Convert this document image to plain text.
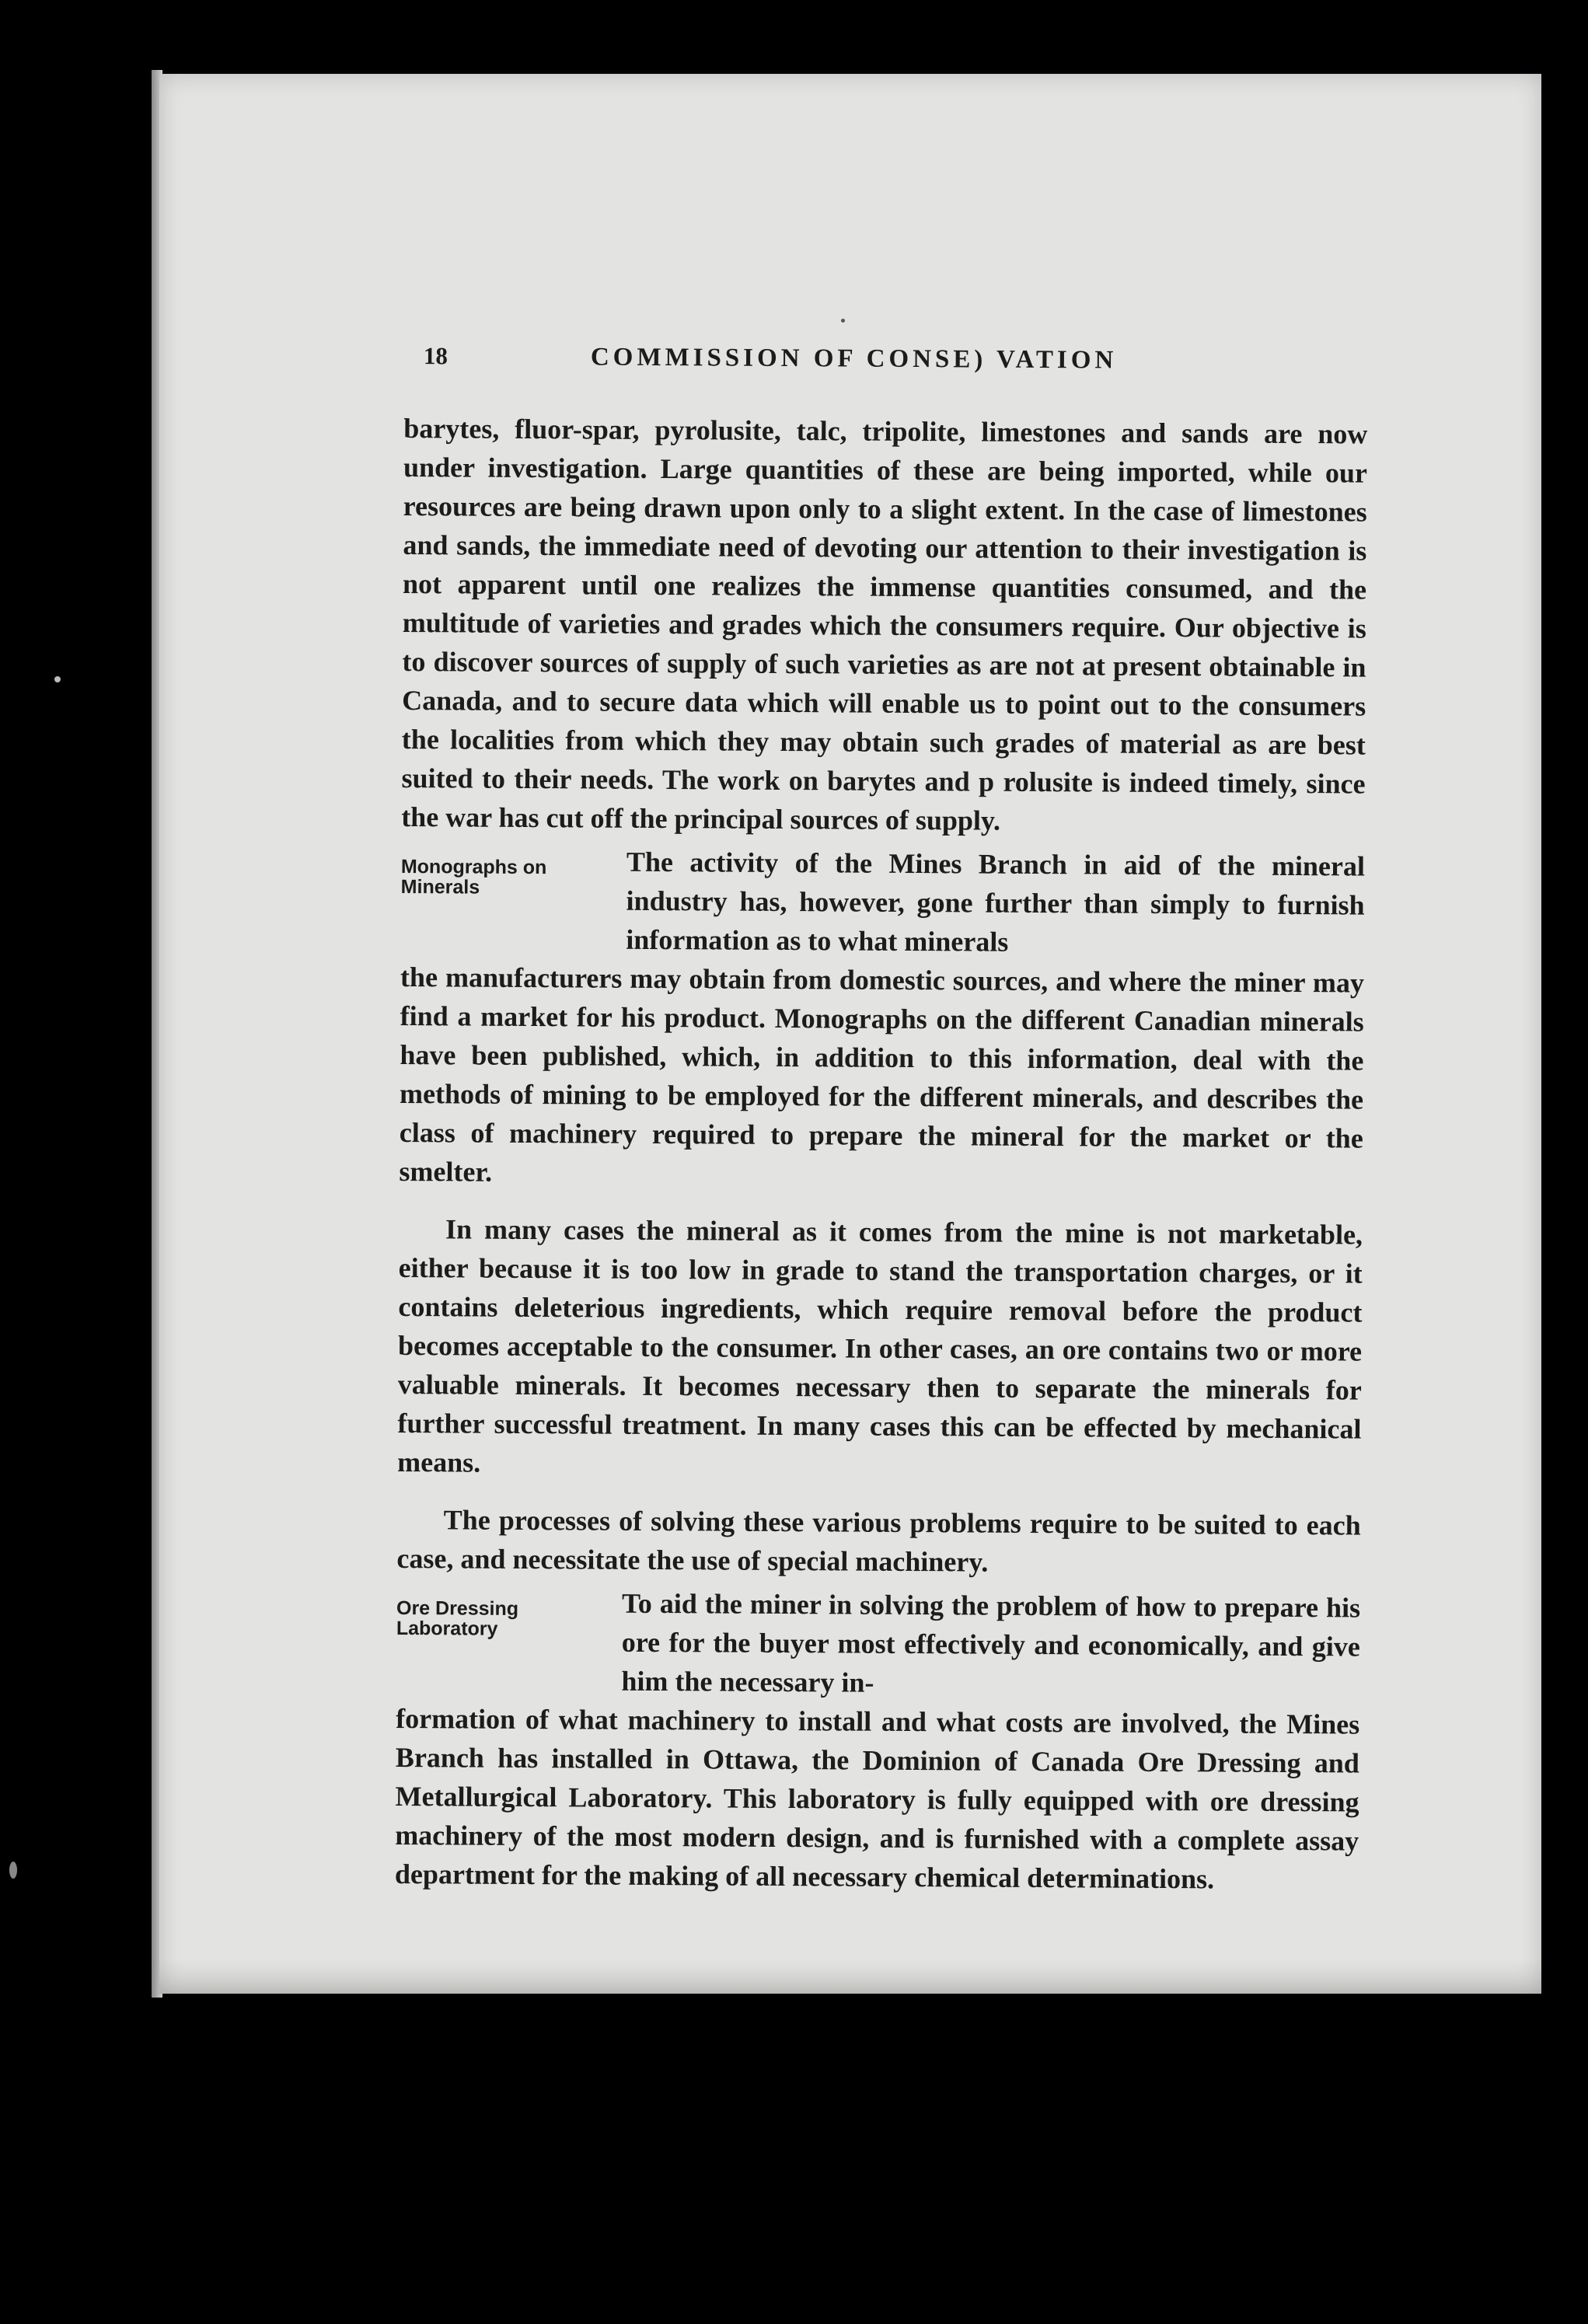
18	COMMISSION OF CONSE) VATION

barytes, fluor-spar, pyrolusite, talc, tripolite, limestones and sands are now under investigation. Large quantities of these are being imported, while our resources are being drawn upon only to a slight extent. In the case of limestones and sands, the immediate need of devoting our attention to their investigation is not apparent until one realizes the immense quantities consumed, and the multitude of varieties and grades which the consumers require. Our objective is to discover sources of supply of such varieties as are not at present obtainable in Canada, and to secure data which will enable us to point out to the consumers the localities from which they may obtain such grades of material as are best suited to their needs. The work on barytes and p rolusite is indeed timely, since the war has cut off the principal sources of supply.

Monographs on Minerals

The activity of the Mines Branch in aid of the mineral industry has, however, gone further than simply to furnish information as to what minerals

the manufacturers may obtain from domestic sources, and where the miner may find a market for his product. Monographs on the different Canadian minerals have been published, which, in addition to this information, deal with the methods of mining to be employed for the different minerals, and describes the class of machinery required to prepare the mineral for the market or the smelter.

In many cases the mineral as it comes from the mine is not marketable, either because it is too low in grade to stand the transportation charges, or it contains deleterious ingredients, which require removal before the product becomes acceptable to the consumer. In other cases, an ore contains two or more valuable minerals. It becomes necessary then to separate the minerals for further successful treatment. In many cases this can be effected by mechanical means.

The processes of solving these various problems require to be suited to each case, and necessitate the use of special machinery.

Ore Dressing Laboratory

To aid the miner in solving the problem of how to prepare his ore for the buyer most effectively and economically, and give him the necessary in-

formation of what machinery to install and what costs are involved, the Mines Branch has installed in Ottawa, the Dominion of Canada Ore Dressing and Metallurgical Laboratory. This laboratory is fully equipped with ore dressing machinery of the most modern design, and is furnished with a complete assay department for the making of all necessary chemical determinations.
